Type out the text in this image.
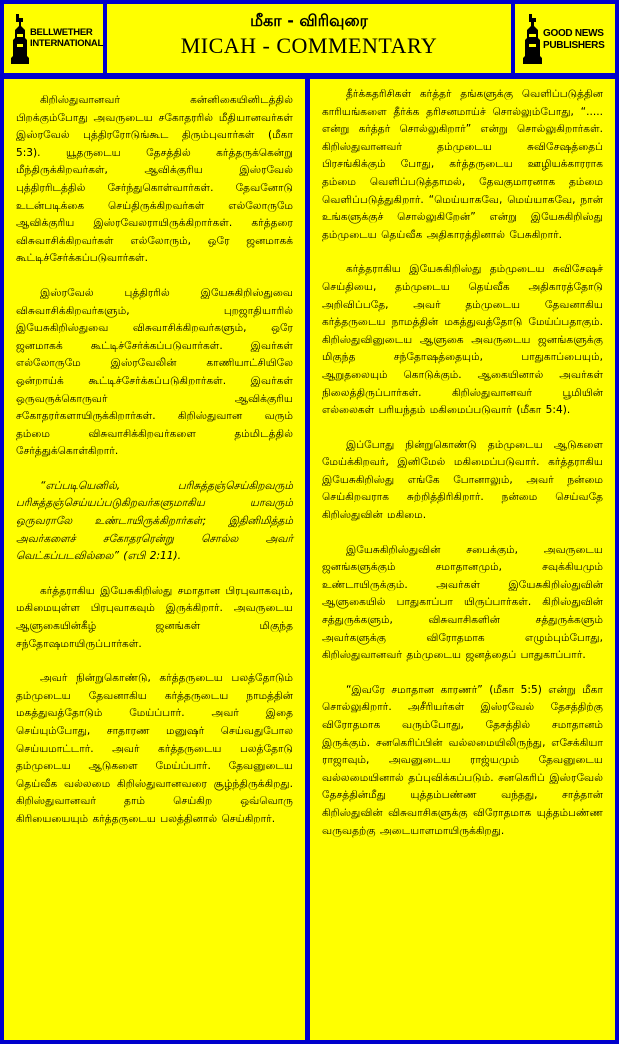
BELLWETHER INTERNATIONAL
மீகா - விரிவுரை
MICAH - COMMENTARY	GOOD NEWS PUBLISHERS

கிறிஸ்துவானவர் கன்னிகையினிடத்தில் பிறக்கும்போது அவருடைய சகோதரரில் மீதியானவர்கள் இஸ்ரவேல் புத்திரரோடுங்கூட திரும்புவார்கள் (மீகா 5:3). யூதருடைய தேசத்தில் கர்த்தருக்கென்று மீந்திருக்கிறவர்கள், ஆவிக்குரிய இஸ்ரவேல் புத்திரரிடத்தில் சேர்ந்துகொள்வார்கள். தேவனோடு உடன்படிக்கை செய்திருக்கிறவர்கள் எல்லோருமே ஆவிக்குரிய இஸ்ரவேலராயிருக்கிறார்கள். கர்த்தரை விசுவாசிக்கிறவர்கள் எல்லோரும், ஒரே ஜனமாகக் கூட்டிச்சேர்க்கப்படுவார்கள்.

இஸ்ரவேல் புத்திரரில் இயேசுகிறிஸ்துவை விசுவாசிக்கிறவர்களும், புறஜாதியாரில் இயேசுகிறிஸ்துவை விசுவாசிக்கிறவர்களும், ஒரே ஜனமாகக் கூட்டிச்சேர்க்கப்படுவார்கள். இவர்கள் எல்லோருமே இஸ்ரவேலின் காணியாட்சியிலே ஒன்றாய்க் கூட்டிச்சேர்க்கப்படுகிறார்கள். இவர்கள் ஒருவருக்கொருவர் ஆவிக்குரிய சகோதரர்களாயிருக்கிறார்கள். கிறிஸ்துவான வரும் தம்மை விசுவாசிக்கிறவர்களை தம்மிடத்தில் சேர்த்துக்கொள்கிறார்.

“எப்படியெனில், பரிசுத்தஞ்செய்கிறவரும் பரிசுத்தஞ்செய்யப்படுகிறவர்களுமாகிய யாவரும் ஒருவராலே உண்டாயிருக்கிறார்கள்; இதினிமித்தம் அவர்களைச் சகோதரரென்று சொல்ல அவர் வெட்கப்படவில்லை” (எபி 2:11).

கர்த்தராகிய இயேசுகிறிஸ்து சமாதான பிரபுவாகவும், மகிமையுள்ள பிரபுவாகவும் இருக்கிறார். அவருடைய ஆளுகையின்கீழ் ஜனங்கள் மிகுந்த சந்தோஷமாயிருப்பார்கள்.

அவர் நின்றுகொண்டு, கர்த்தருடைய பலத்தோடும் தம்முடைய தேவனாகிய கர்த்தருடைய நாமத்தின் மகத்துவத்தோடும் மேய்ப்பார். அவர் இதை செய்யும்போது, சாதாரண மனுஷர் செய்வதுபோல செய்யமாட்டார். அவர் கர்த்தருடைய பலத்தோடு தம்முடைய ஆடுகளை மேய்ப்பார். தேவனுடைய தெய்வீக வல்லமை கிறிஸ்துவானவரை சூழ்ந்திருக்கிறது. கிறிஸ்துவானவர் தாம் செய்கிற ஒவ்வொரு கிரியையையும் கர்த்தருடைய பலத்தினால் செய்கிறார்.

தீர்க்கதரிசிகள் கர்த்தர் தங்களுக்கு வெளிப்படுத்தின காரியங்களை தீர்க்க தரிசனமாய்ச் சொல்லும்போது, “..... என்று கர்த்தர் சொல்லுகிறார்” என்று சொல்லுகிறார்கள். கிறிஸ்துவானவர் தம்முடைய சுவிசேஷத்தைப் பிரசங்கிக்கும் போது, கர்த்தருடைய ஊழியக்காரராக தம்மை வெளிப்படுத்தாமல், தேவகுமாரனாக தம்மை வெளிப்படுத்துகிறார். “மெய்யாகவே, மெய்யாகவே, நான் உங்களுக்குச் சொல்லுகிறேன்” என்று இயேசுகிறிஸ்து தம்முடைய தெய்வீக அதிகாரத்தினால் பேசுகிறார்.

கர்த்தராகிய இயேசுகிறிஸ்து தம்முடைய சுவிசேஷச் செய்தியை, தம்முடைய தெய்வீக அதிகாரத்தோடு அறிவிப்பதே, அவர் தம்முடைய தேவனாகிய கர்த்தருடைய நாமத்தின் மகத்துவத்தோடு மேய்ப்பதாகும். கிறிஸ்துவினுடைய ஆளுகை அவருடைய ஜனங்களுக்கு மிகுந்த சந்தோஷத்தையும், பாதுகாப்பையும், ஆறுதலையும் கொடுக்கும். ஆகையினால் அவர்கள் நிலைத்திருப்பார்கள். கிறிஸ்துவானவர் பூமியின் எல்லைகள் பரியந்தம் மகிமைப்படுவார் (மீகா 5:4).

இப்போது நின்றுகொண்டு தம்முடைய ஆடுகளை மேய்க்கிறவர், இனிமேல் மகிமைப்படுவார். கர்த்தராகிய இயேசுகிறிஸ்து எங்கே போனாலும், அவர் நன்மை செய்கிறவராக சுற்றித்திரிகிறார். நன்மை செய்வதே கிறிஸ்துவின் மகிமை.

இயேசுகிறிஸ்துவின் சபைக்கும், அவருடைய ஜனங்களுக்கும் சமாதானமும், சவுக்கியமும் உண்டாயிருக்கும். அவர்கள் இயேசுகிறிஸ்துவின் ஆளுகையில் பாதுகாப்பா யிருப்பார்கள். கிறிஸ்துவின் சத்துருக்களும், விசுவாசிகளின் சத்துருக்களும் அவர்களுக்கு விரோதமாக எழும்பும்போது, கிறிஸ்துவானவர் தம்முடைய ஜனத்தைப் பாதுகாப்பார்.

“இவரே சமாதான காரணர்” (மீகா 5:5) என்று மீகா சொல்லுகிறார். அசீரியர்கள் இஸ்ரவேல் தேசத்திற்கு விரோதமாக வரும்போது, தேசத்தில் சமாதானம் இருக்கும். சனகெரிப்பின் வல்லமையிலிருந்து, எசேக்கியா ராஜாவும், அவனுடைய ராஜ்யமும் தேவனுடைய வல்லமையினால் தப்புவிக்கப்படும். சனகெரிப் இஸ்ரவேல் தேசத்தின்மீது யுத்தம்பண்ண வந்தது, சாத்தான் கிறிஸ்துவின் விசுவாசிகளுக்கு விரோதமாக யுத்தம்பண்ண வருவதற்கு அடையாளமாயிருக்கிறது.
